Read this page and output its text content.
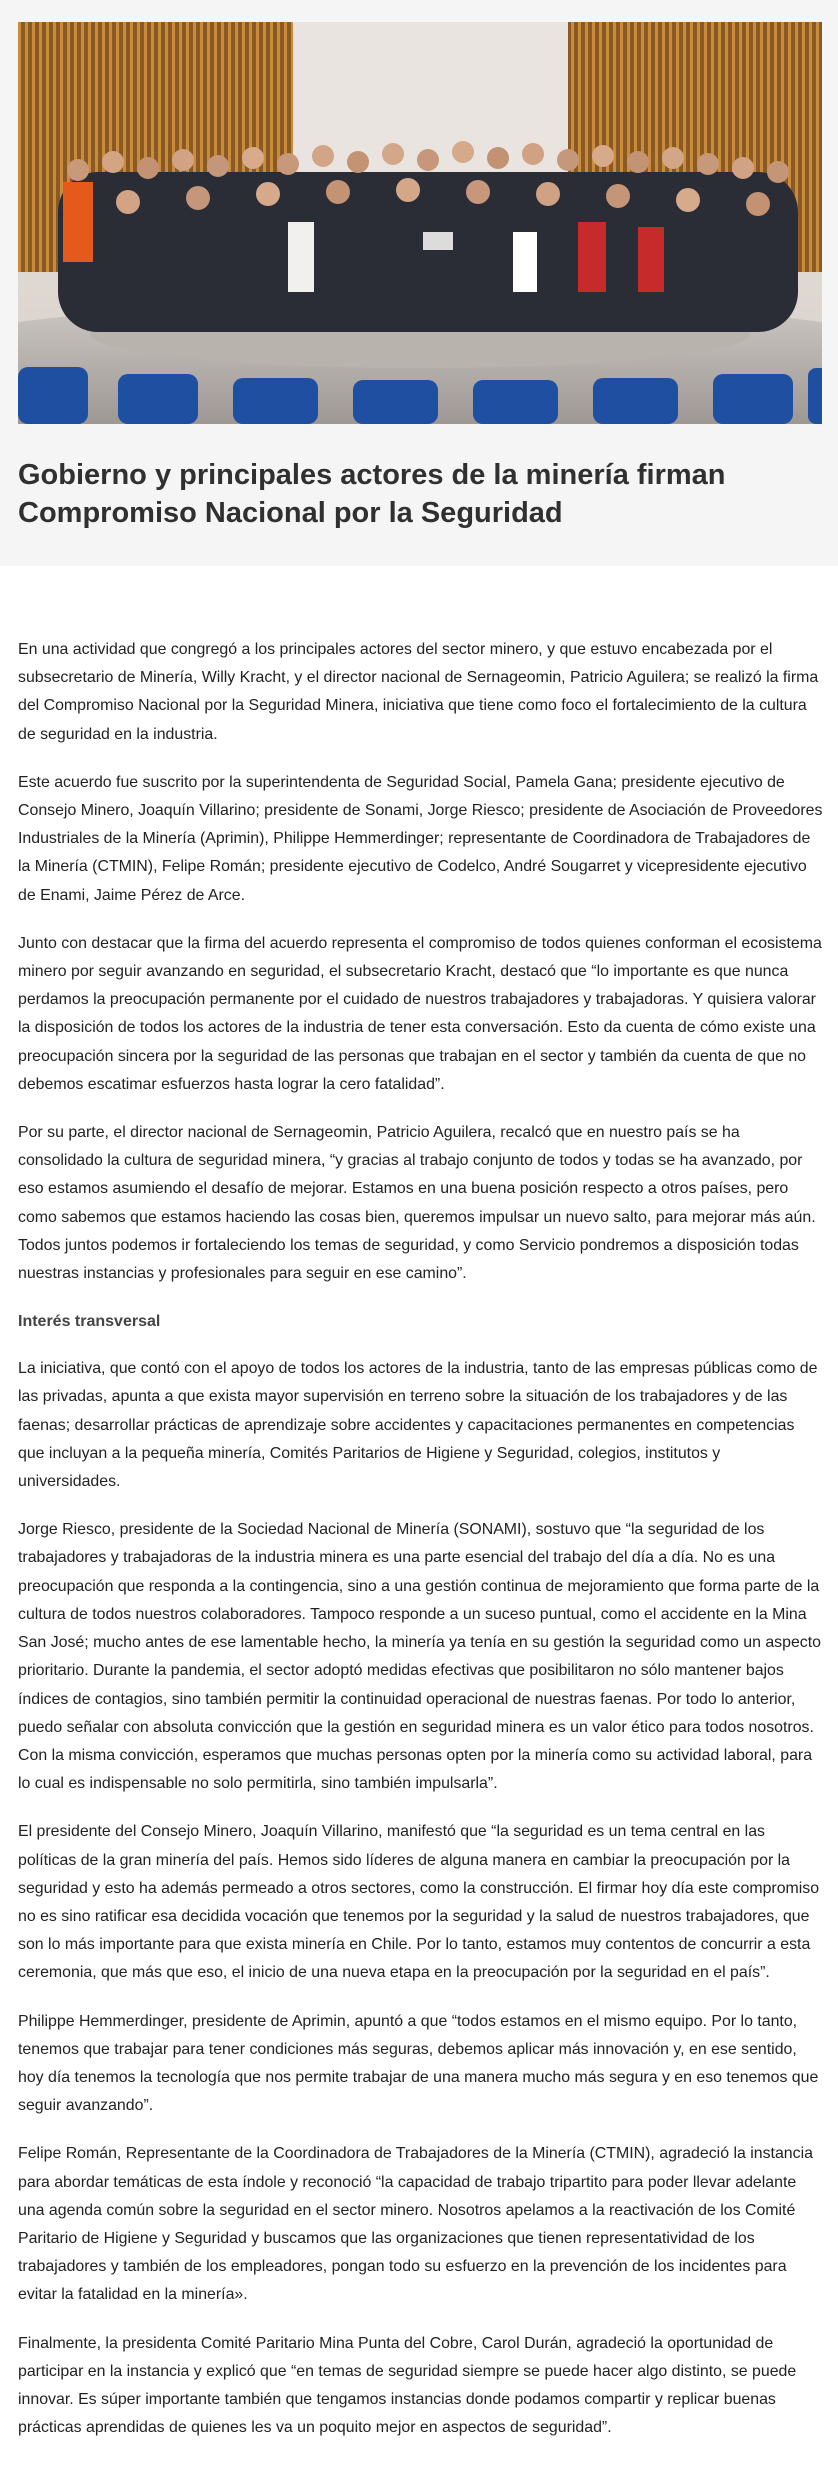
Gobierno y principales actores de la minería firman Compromiso Nacional por la Seguridad

En una actividad que congregó a los principales actores del sector minero, y que estuvo encabezada por el subsecretario de Minería, Willy Kracht, y el director nacional de Sernageomin, Patricio Aguilera; se realizó la firma del Compromiso Nacional por la Seguridad Minera, iniciativa que tiene como foco el fortalecimiento de la cultura de seguridad en la industria.

Este acuerdo fue suscrito por la superintendenta de Seguridad Social, Pamela Gana; presidente ejecutivo de Consejo Minero, Joaquín Villarino; presidente de Sonami, Jorge Riesco; presidente de Asociación de Proveedores Industriales de la Minería (Aprimin), Philippe Hemmerdinger; representante de Coordinadora de Trabajadores de la Minería (CTMIN), Felipe Román; presidente ejecutivo de Codelco, André Sougarret y vicepresidente ejecutivo de Enami, Jaime Pérez de Arce.

Junto con destacar que la firma del acuerdo representa el compromiso de todos quienes conforman el ecosistema minero por seguir avanzando en seguridad, el subsecretario Kracht, destacó que “lo importante es que nunca perdamos la preocupación permanente por el cuidado de nuestros trabajadores y trabajadoras. Y quisiera valorar la disposición de todos los actores de la industria de tener esta conversación. Esto da cuenta de cómo existe una preocupación sincera por la seguridad de las personas que trabajan en el sector y también da cuenta de que no debemos escatimar esfuerzos hasta lograr la cero fatalidad”.

Por su parte, el director nacional de Sernageomin, Patricio Aguilera, recalcó que en nuestro país se ha consolidado la cultura de seguridad minera, “y gracias al trabajo conjunto de todos y todas se ha avanzado, por eso estamos asumiendo el desafío de mejorar. Estamos en una buena posición respecto a otros países, pero como sabemos que estamos haciendo las cosas bien, queremos impulsar un nuevo salto, para mejorar más aún. Todos juntos podemos ir fortaleciendo los temas de seguridad, y como Servicio pondremos a disposición todas nuestras instancias y profesionales para seguir en ese camino”.

Interés transversal

La iniciativa, que contó con el apoyo de todos los actores de la industria, tanto de las empresas públicas como de las privadas, apunta a que exista mayor supervisión en terreno sobre la situación de los trabajadores y de las faenas; desarrollar prácticas de aprendizaje sobre accidentes y capacitaciones permanentes en competencias que incluyan a la pequeña minería, Comités Paritarios de Higiene y Seguridad, colegios, institutos y universidades.

Jorge Riesco, presidente de la Sociedad Nacional de Minería (SONAMI), sostuvo que “la seguridad de los trabajadores y trabajadoras de la industria minera es una parte esencial del trabajo del día a día. No es una preocupación que responda a la contingencia, sino a una gestión continua de mejoramiento que forma parte de la cultura de todos nuestros colaboradores. Tampoco responde a un suceso puntual, como el accidente en la Mina San José; mucho antes de ese lamentable hecho, la minería ya tenía en su gestión la seguridad como un aspecto prioritario. Durante la pandemia, el sector adoptó medidas efectivas que posibilitaron no sólo mantener bajos índices de contagios, sino también permitir la continuidad operacional de nuestras faenas. Por todo lo anterior, puedo señalar con absoluta convicción que la gestión en seguridad minera es un valor ético para todos nosotros. Con la misma convicción, esperamos que muchas personas opten por la minería como su actividad laboral, para lo cual es indispensable no solo permitirla, sino también impulsarla”.

El presidente del Consejo Minero, Joaquín Villarino, manifestó que “la seguridad es un tema central en las políticas de la gran minería del país. Hemos sido líderes de alguna manera en cambiar la preocupación por la seguridad y esto ha además permeado a otros sectores, como la construcción. El firmar hoy día este compromiso no es sino ratificar esa decidida vocación que tenemos por la seguridad y la salud de nuestros trabajadores, que son lo más importante para que exista minería en Chile. Por lo tanto, estamos muy contentos de concurrir a esta ceremonia, que más que eso, el inicio de una nueva etapa en la preocupación por la seguridad en el país”.

Philippe Hemmerdinger, presidente de Aprimin, apuntó a que “todos estamos en el mismo equipo. Por lo tanto, tenemos que trabajar para tener condiciones más seguras, debemos aplicar más innovación y, en ese sentido, hoy día tenemos la tecnología que nos permite trabajar de una manera mucho más segura y en eso tenemos que seguir avanzando”.

Felipe Román, Representante de la Coordinadora de Trabajadores de la Minería (CTMIN), agradeció la instancia para abordar temáticas de esta índole y reconoció “la capacidad de trabajo tripartito para poder llevar adelante una agenda común sobre la seguridad en el sector minero. Nosotros apelamos a la reactivación de los Comité Paritario de Higiene y Seguridad y buscamos que las organizaciones que tienen representatividad de los trabajadores y también de los empleadores, pongan todo su esfuerzo en la prevención de los incidentes para evitar la fatalidad en la minería».

Finalmente, la presidenta Comité Paritario Mina Punta del Cobre, Carol Durán, agradeció la oportunidad de participar en la instancia y explicó que “en temas de seguridad siempre se puede hacer algo distinto, se puede innovar. Es súper importante también que tengamos instancias donde podamos compartir y replicar buenas prácticas aprendidas de quienes les va un poquito mejor en aspectos de seguridad”.
